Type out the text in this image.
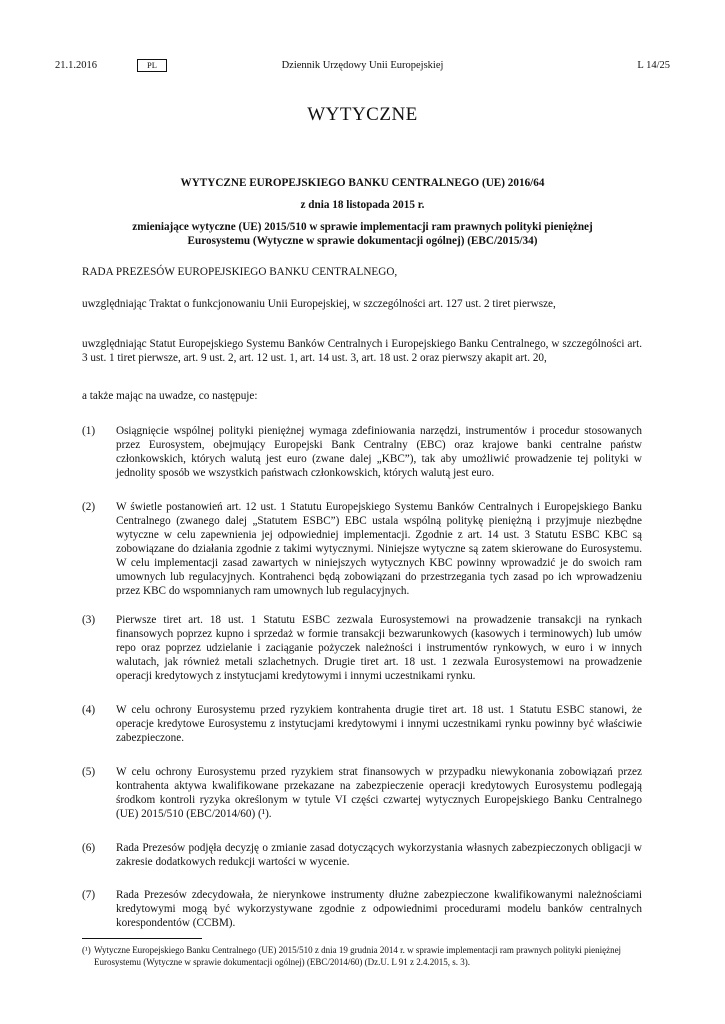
21.1.2016	PL	Dziennik Urzędowy Unii Europejskiej	L 14/25
WYTYCZNE

WYTYCZNE EUROPEJSKIEGO BANKU CENTRALNEGO (UE) 2016/64

z dnia 18 listopada 2015 r.

zmieniające wytyczne (UE) 2015/510 w sprawie implementacji ram prawnych polityki pieniężnej Eurosystemu (Wytyczne w sprawie dokumentacji ogólnej) (EBC/2015/34)

RADA PREZESÓW EUROPEJSKIEGO BANKU CENTRALNEGO,
uwzględniając Traktat o funkcjonowaniu Unii Europejskiej, w szczególności art. 127 ust. 2 tiret pierwsze,
uwzględniając Statut Europejskiego Systemu Banków Centralnych i Europejskiego Banku Centralnego, w szczególności art. 3 ust. 1 tiret pierwsze, art. 9 ust. 2, art. 12 ust. 1, art. 14 ust. 3, art. 18 ust. 2 oraz pierwszy akapit art. 20,
a także mając na uwadze, co następuje:
(1) Osiągnięcie wspólnej polityki pieniężnej wymaga zdefiniowania narzędzi, instrumentów i procedur stosowanych przez Eurosystem, obejmujący Europejski Bank Centralny (EBC) oraz krajowe banki centralne państw członkowskich, których walutą jest euro (zwane dalej „KBC”), tak aby umożliwić prowadzenie tej polityki w jednolity sposób we wszystkich państwach członkowskich, których walutą jest euro.
(2) W świetle postanowień art. 12 ust. 1 Statutu Europejskiego Systemu Banków Centralnych i Europejskiego Banku Centralnego (zwanego dalej „Statutem ESBC”) EBC ustala wspólną politykę pieniężną i przyjmuje niezbędne wytyczne w celu zapewnienia jej odpowiedniej implementacji. Zgodnie z art. 14 ust. 3 Statutu ESBC KBC są zobowiązane do działania zgodnie z takimi wytycznymi. Niniejsze wytyczne są zatem skierowane do Eurosystemu. W celu implementacji zasad zawartych w niniejszych wytycznych KBC powinny wprowadzić je do swoich ram umownych lub regulacyjnych. Kontrahenci będą zobowiązani do przestrzegania tych zasad po ich wprowadzeniu przez KBC do wspomnianych ram umownych lub regulacyjnych.
(3) Pierwsze tiret art. 18 ust. 1 Statutu ESBC zezwala Eurosystemowi na prowadzenie transakcji na rynkach finansowych poprzez kupno i sprzedaż w formie transakcji bezwarunkowych (kasowych i terminowych) lub umów repo oraz poprzez udzielanie i zaciąganie pożyczek należności i instrumentów rynkowych, w euro i w innych walutach, jak również metali szlachetnych. Drugie tiret art. 18 ust. 1 zezwala Eurosystemowi na prowadzenie operacji kredytowych z instytucjami kredytowymi i innymi uczestnikami rynku.
(4) W celu ochrony Eurosystemu przed ryzykiem kontrahenta drugie tiret art. 18 ust. 1 Statutu ESBC stanowi, że operacje kredytowe Eurosystemu z instytucjami kredytowymi i innymi uczestnikami rynku powinny być właściwie zabezpieczone.
(5) W celu ochrony Eurosystemu przed ryzykiem strat finansowych w przypadku niewykonania zobowiązań przez kontrahenta aktywa kwalifikowane przekazane na zabezpieczenie operacji kredytowych Eurosystemu podlegają środkom kontroli ryzyka określonym w tytule VI części czwartej wytycznych Europejskiego Banku Centralnego (UE) 2015/510 (EBC/2014/60) (¹).
(6) Rada Prezesów podjęła decyzję o zmianie zasad dotyczących wykorzystania własnych zabezpieczonych obligacji w zakresie dodatkowych redukcji wartości w wycenie.
(7) Rada Prezesów zdecydowała, że nierynkowe instrumenty dłużne zabezpieczone kwalifikowanymi należnościami kredytowymi mogą być wykorzystywane zgodnie z odpowiednimi procedurami modelu banków centralnych korespondentów (CCBM).
(¹) Wytyczne Europejskiego Banku Centralnego (UE) 2015/510 z dnia 19 grudnia 2014 r. w sprawie implementacji ram prawnych polityki pieniężnej Eurosystemu (Wytyczne w sprawie dokumentacji ogólnej) (EBC/2014/60) (Dz.U. L 91 z 2.4.2015, s. 3).
